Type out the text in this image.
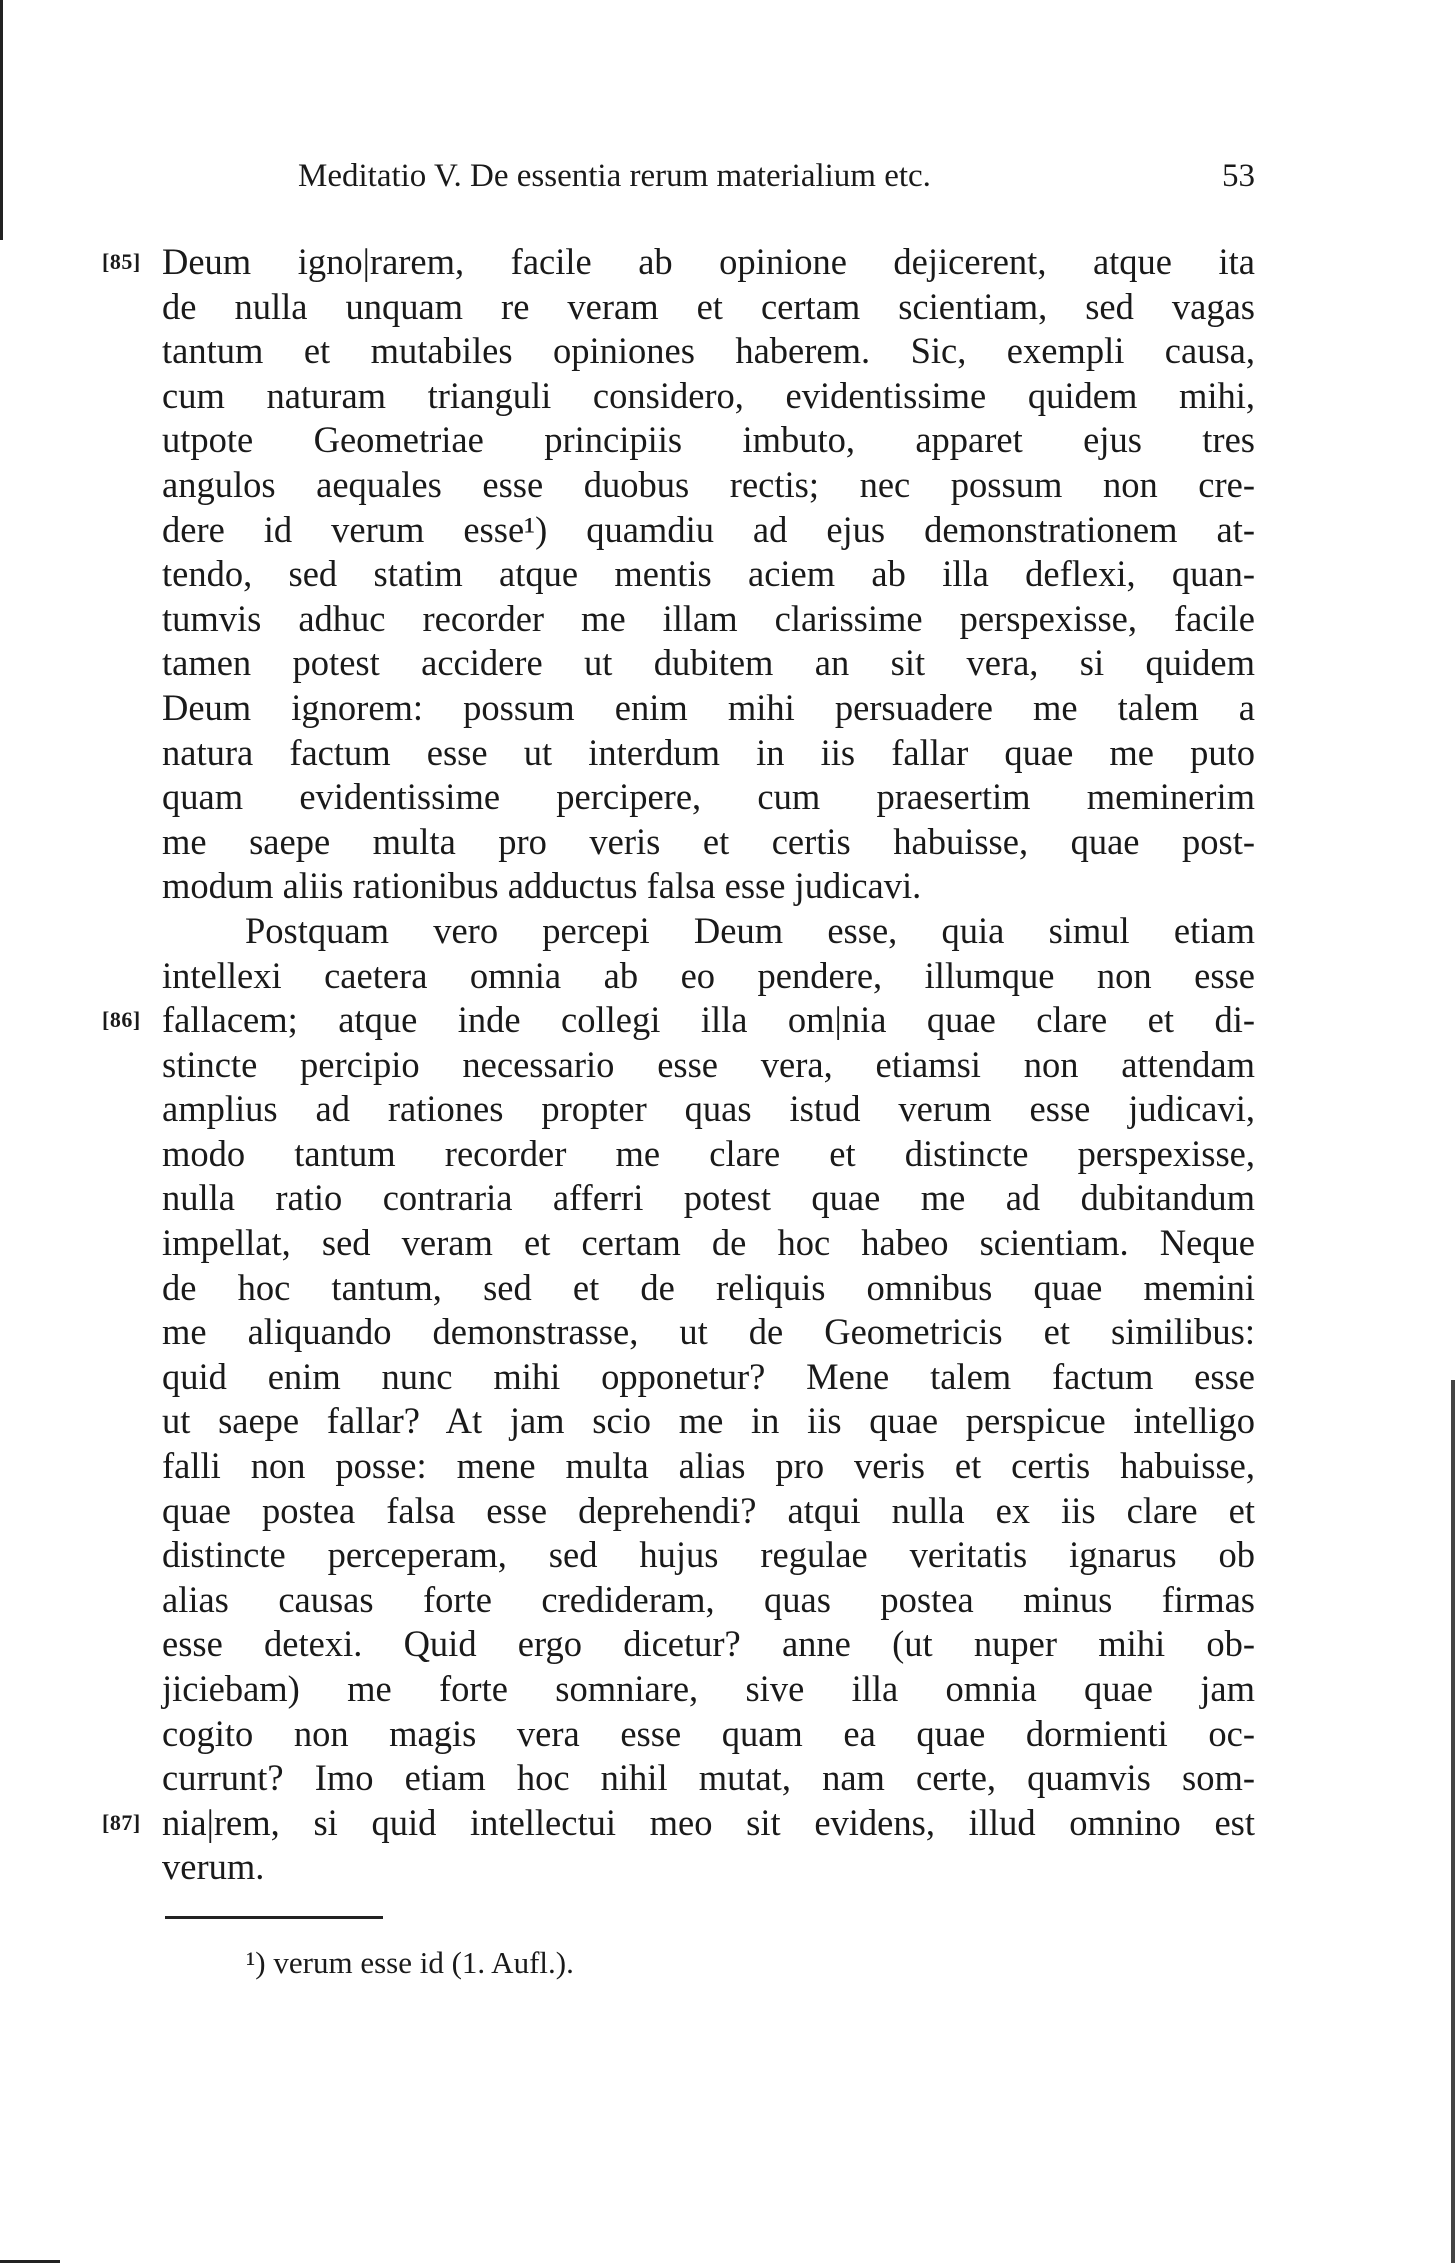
Meditatio V. De essentia rerum materialium etc.	53
[85] Deum igno|rarem, facile ab opinione dejicerent, atque ita
de nulla unquam re veram et certam scientiam, sed vagas
tantum et mutabiles opiniones haberem. Sic, exempli causa,
cum naturam trianguli considero, evidentissime quidem mihi,
utpote Geometriae principiis imbuto, apparet ejus tres
angulos aequales esse duobus rectis; nec possum non cre-
dere id verum esse¹) quamdiu ad ejus demonstrationem at-
tendo, sed statim atque mentis aciem ab illa deflexi, quan-
tumvis adhuc recorder me illam clarissime perspexisse, facile
tamen potest accidere ut dubitem an sit vera, si quidem
Deum ignorem: possum enim mihi persuadere me talem a
natura factum esse ut interdum in iis fallar quae me puto
quam evidentissime percipere, cum praesertim meminerim
me saepe multa pro veris et certis habuisse, quae post-
modum aliis rationibus adductus falsa esse judicavi.
Postquam vero percepi Deum esse, quia simul etiam
intellexi caetera omnia ab eo pendere, illumque non esse
[86] fallacem; atque inde collegi illa om|nia quae clare et di-
stincte percipio necessario esse vera, etiamsi non attendam
amplius ad rationes propter quas istud verum esse judicavi,
modo tantum recorder me clare et distincte perspexisse,
nulla ratio contraria afferri potest quae me ad dubitandum
impellat, sed veram et certam de hoc habeo scientiam. Neque
de hoc tantum, sed et de reliquis omnibus quae memini
me aliquando demonstrasse, ut de Geometricis et similibus:
quid enim nunc mihi opponetur? Mene talem factum esse
ut saepe fallar? At jam scio me in iis quae perspicue intelligo
falli non posse: mene multa alias pro veris et certis habuisse,
quae postea falsa esse deprehendi? atqui nulla ex iis clare et
distincte perceperam, sed hujus regulae veritatis ignarus ob
alias causas forte credideram, quas postea minus firmas
esse detexi. Quid ergo dicetur? anne (ut nuper mihi ob-
jiciebam) me forte somniare, sive illa omnia quae jam
cogito non magis vera esse quam ea quae dormienti oc-
currunt? Imo etiam hoc nihil mutat, nam certe, quamvis som-
[87] nia|rem, si quid intellectui meo sit evidens, illud omnino est
verum.
¹) verum esse id (1. Aufl.).
